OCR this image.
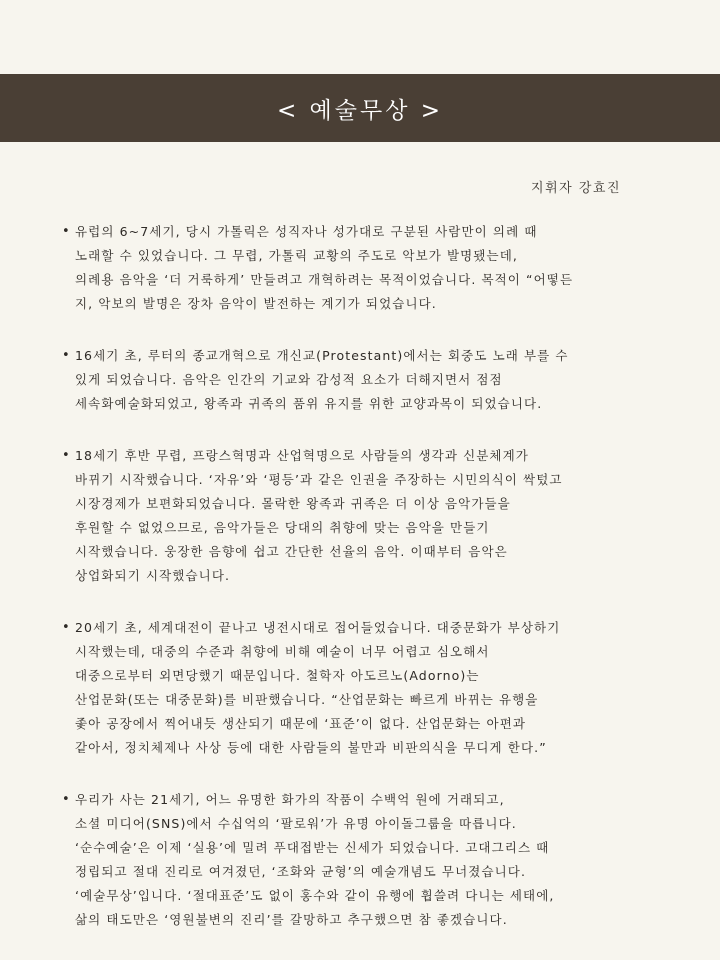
< 예술무상 >
지휘자 강효진
• 유럽의 6~7세기, 당시 가톨릭은 성직자나 성가대로 구분된 사람만이 의례 때
노래할 수 있었습니다. 그 무렵, 가톨릭 교황의 주도로 악보가 발명됐는데,
의례용 음악을 ‘더 거룩하게’ 만들려고 개혁하려는 목적이었습니다. 목적이 “어떻든
지, 악보의 발명은 장차 음악이 발전하는 계기가 되었습니다.
• 16세기 초, 루터의 종교개혁으로 개신교(Protestant)에서는 회중도 노래 부를 수
있게 되었습니다. 음악은 인간의 기교와 감성적 요소가 더해지면서 점점
세속화예술화되었고, 왕족과 귀족의 품위 유지를 위한 교양과목이 되었습니다.
• 18세기 후반 무렵, 프랑스혁명과 산업혁명으로 사람들의 생각과 신분체계가
바뀌기 시작했습니다. ‘자유’와 ‘평등’과 같은 인권을 주장하는 시민의식이 싹텄고
시장경제가 보편화되었습니다. 몰락한 왕족과 귀족은 더 이상 음악가들을
후원할 수 없었으므로, 음악가들은 당대의 취향에 맞는 음악을 만들기
시작했습니다. 웅장한 음향에 쉽고 간단한 선율의 음악. 이때부터 음악은
상업화되기 시작했습니다.
• 20세기 초, 세계대전이 끝나고 냉전시대로 접어들었습니다. 대중문화가 부상하기
시작했는데, 대중의 수준과 취향에 비해 예술이 너무 어렵고 심오해서
대중으로부터 외면당했기 때문입니다. 철학자 아도르노(Adorno)는
산업문화(또는 대중문화)를 비판했습니다. “산업문화는 빠르게 바뀌는 유행을
좇아 공장에서 찍어내듯 생산되기 때문에 ‘표준’이 없다. 산업문화는 아편과
같아서, 정치체제나 사상 등에 대한 사람들의 불만과 비판의식을 무디게 한다.”
• 우리가 사는 21세기, 어느 유명한 화가의 작품이 수백억 원에 거래되고,
소셜 미디어(SNS)에서 수십억의 ‘팔로워’가 유명 아이돌그룹을 따릅니다.
‘순수예술’은 이제 ‘실용’에 밀려 푸대접받는 신세가 되었습니다. 고대그리스 때
정립되고 절대 진리로 여겨졌던, ‘조화와 균형’의 예술개념도 무너졌습니다.
‘예술무상’입니다. ‘절대표준’도 없이 홍수와 같이 유행에 휩쓸려 다니는 세태에,
삶의 태도만은 ‘영원불변의 진리’를 갈망하고 추구했으면 참 좋겠습니다.
